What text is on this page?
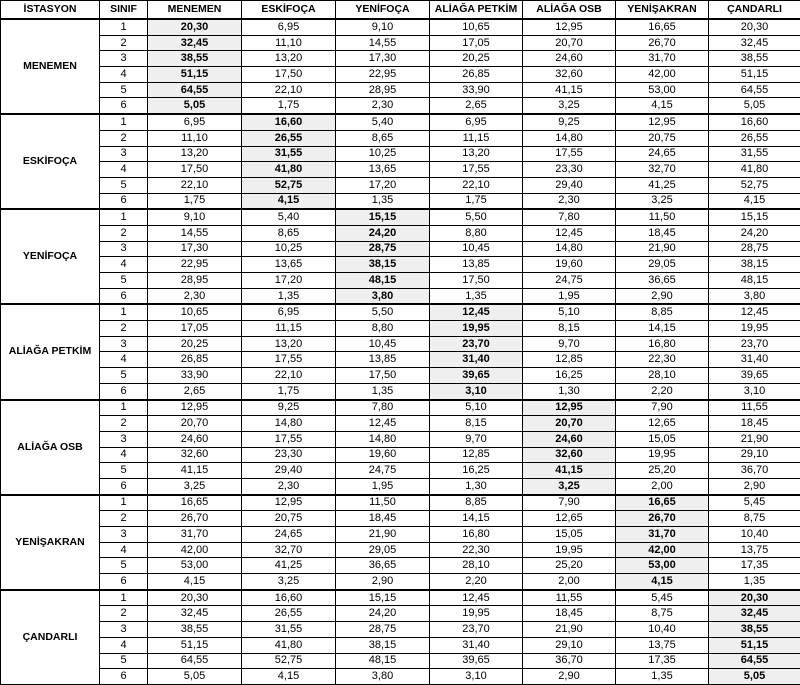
İSTASYON	SINIF	MENEMEN	ESKİFOÇA	YENİFOÇA	ALİAĞA PETKİM	ALİAĞA OSB	YENİŞAKRAN	ÇANDARLI
MENEMEN	1	20,30	6,95	9,10	10,65	12,95	16,65	20,30
	2	32,45	11,10	14,55	17,05	20,70	26,70	32,45
	3	38,55	13,20	17,30	20,25	24,60	31,70	38,55
	4	51,15	17,50	22,95	26,85	32,60	42,00	51,15
	5	64,55	22,10	28,95	33,90	41,15	53,00	64,55
	6	5,05	1,75	2,30	2,65	3,25	4,15	5,05
ESKİFOÇA	1	6,95	16,60	5,40	6,95	9,25	12,95	16,60
	2	11,10	26,55	8,65	11,15	14,80	20,75	26,55
	3	13,20	31,55	10,25	13,20	17,55	24,65	31,55
	4	17,50	41,80	13,65	17,55	23,30	32,70	41,80
	5	22,10	52,75	17,20	22,10	29,40	41,25	52,75
	6	1,75	4,15	1,35	1,75	2,30	3,25	4,15
YENİFOÇA	1	9,10	5,40	15,15	5,50	7,80	11,50	15,15
	2	14,55	8,65	24,20	8,80	12,45	18,45	24,20
	3	17,30	10,25	28,75	10,45	14,80	21,90	28,75
	4	22,95	13,65	38,15	13,85	19,60	29,05	38,15
	5	28,95	17,20	48,15	17,50	24,75	36,65	48,15
	6	2,30	1,35	3,80	1,35	1,95	2,90	3,80
ALİAĞA PETKİM	1	10,65	6,95	5,50	12,45	5,10	8,85	12,45
	2	17,05	11,15	8,80	19,95	8,15	14,15	19,95
	3	20,25	13,20	10,45	23,70	9,70	16,80	23,70
	4	26,85	17,55	13,85	31,40	12,85	22,30	31,40
	5	33,90	22,10	17,50	39,65	16,25	28,10	39,65
	6	2,65	1,75	1,35	3,10	1,30	2,20	3,10
ALİAĞA OSB	1	12,95	9,25	7,80	5,10	12,95	7,90	11,55
	2	20,70	14,80	12,45	8,15	20,70	12,65	18,45
	3	24,60	17,55	14,80	9,70	24,60	15,05	21,90
	4	32,60	23,30	19,60	12,85	32,60	19,95	29,10
	5	41,15	29,40	24,75	16,25	41,15	25,20	36,70
	6	3,25	2,30	1,95	1,30	3,25	2,00	2,90
YENİŞAKRAN	1	16,65	12,95	11,50	8,85	7,90	16,65	5,45
	2	26,70	20,75	18,45	14,15	12,65	26,70	8,75
	3	31,70	24,65	21,90	16,80	15,05	31,70	10,40
	4	42,00	32,70	29,05	22,30	19,95	42,00	13,75
	5	53,00	41,25	36,65	28,10	25,20	53,00	17,35
	6	4,15	3,25	2,90	2,20	2,00	4,15	1,35
ÇANDARLI	1	20,30	16,60	15,15	12,45	11,55	5,45	20,30
	2	32,45	26,55	24,20	19,95	18,45	8,75	32,45
	3	38,55	31,55	28,75	23,70	21,90	10,40	38,55
	4	51,15	41,80	38,15	31,40	29,10	13,75	51,15
	5	64,55	52,75	48,15	39,65	36,70	17,35	64,55
	6	5,05	4,15	3,80	3,10	2,90	1,35	5,05
